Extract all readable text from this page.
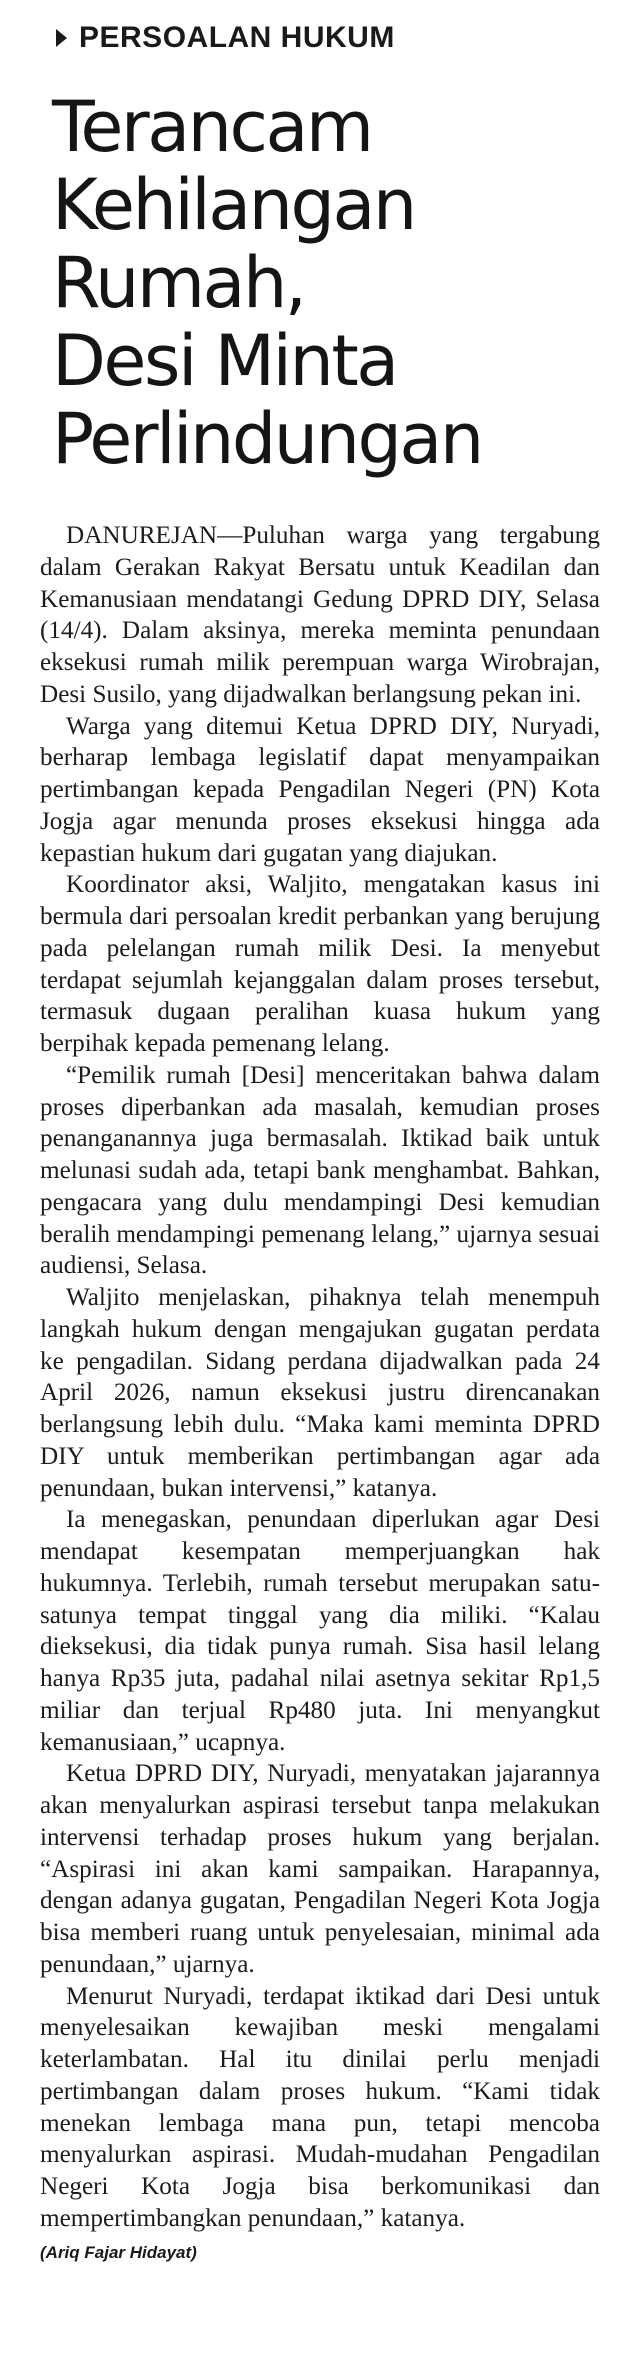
PERSOALAN HUKUM
Terancam
Kehilangan
Rumah,
Desi Minta
Perlindungan

DANUREJAN—Puluhan warga yang tergabung dalam Gerakan Rakyat Bersatu untuk Keadilan dan Kemanusiaan mendatangi Gedung DPRD DIY, Selasa (14/4). Dalam aksinya, mereka meminta penundaan eksekusi rumah milik perempuan warga Wirobrajan, Desi Susilo, yang dijadwalkan berlangsung pekan ini.

Warga yang ditemui Ketua DPRD DIY, Nuryadi, berharap lembaga legislatif dapat menyampaikan pertimbangan kepada Pengadilan Negeri (PN) Kota Jogja agar menunda proses eksekusi hingga ada kepastian hukum dari gugatan yang diajukan.

Koordinator aksi, Waljito, mengatakan kasus ini bermula dari persoalan kredit perbankan yang berujung pada pelelangan rumah milik Desi. Ia menyebut terdapat sejumlah kejanggalan dalam proses tersebut, termasuk dugaan peralihan kuasa hukum yang berpihak kepada pemenang lelang.

“Pemilik rumah [Desi] menceritakan bahwa dalam proses diperbankan ada masalah, kemudian proses penanganannya juga bermasalah. Iktikad baik untuk melunasi sudah ada, tetapi bank menghambat. Bahkan, pengacara yang dulu mendampingi Desi kemudian beralih mendampingi pemenang lelang,” ujarnya sesuai audiensi, Selasa.

Waljito menjelaskan, pihaknya telah menempuh langkah hukum dengan mengajukan gugatan perdata ke pengadilan. Sidang perdana dijadwalkan pada 24 April 2026, namun eksekusi justru direncanakan berlangsung lebih dulu. “Maka kami meminta DPRD DIY untuk memberikan pertimbangan agar ada penundaan, bukan intervensi,” katanya.

Ia menegaskan, penundaan diperlukan agar Desi mendapat kesempatan memperjuangkan hak hukumnya. Terlebih, rumah tersebut merupakan satu-satunya tempat tinggal yang dia miliki. “Kalau dieksekusi, dia tidak punya rumah. Sisa hasil lelang hanya Rp35 juta, padahal nilai asetnya sekitar Rp1,5 miliar dan terjual Rp480 juta. Ini menyangkut kemanusiaan,” ucapnya.

Ketua DPRD DIY, Nuryadi, menyatakan jajarannya akan menyalurkan aspirasi tersebut tanpa melakukan intervensi terhadap proses hukum yang berjalan. “Aspirasi ini akan kami sampaikan. Harapannya, dengan adanya gugatan, Pengadilan Negeri Kota Jogja bisa memberi ruang untuk penyelesaian, minimal ada penundaan,” ujarnya.

Menurut Nuryadi, terdapat iktikad dari Desi untuk menyelesaikan kewajiban meski mengalami keterlambatan. Hal itu dinilai perlu menjadi pertimbangan dalam proses hukum. “Kami tidak menekan lembaga mana pun, tetapi mencoba menyalurkan aspirasi. Mudah-mudahan Pengadilan Negeri Kota Jogja bisa berkomunikasi dan mempertimbangkan penundaan,” katanya.

(Ariq Fajar Hidayat)
